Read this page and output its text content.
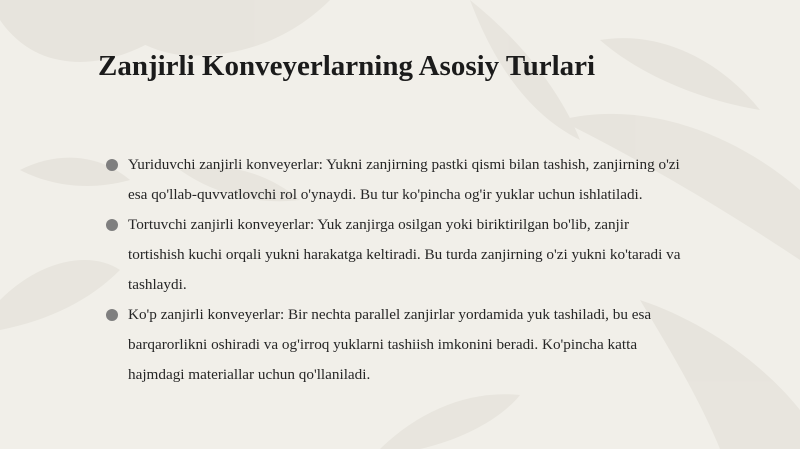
Zanjirli Konveyerlarning Asosiy Turlari
Yuriduvchi zanjirli konveyerlar: Yukni zanjirning pastki qismi bilan tashish, zanjirning o'zi esa qo'llab-quvvatlovchi rol o'ynaydi. Bu tur ko'pincha og'ir yuklar uchun ishlatiladi.
Tortuvchi zanjirli konveyerlar: Yuk zanjirga osilgan yoki biriktirilgan bo'lib, zanjir tortishish kuchi orqali yukni harakatga keltiradi. Bu turda zanjirning o'zi yukni ko'taradi va tashlaydi.
Ko'p zanjirli konveyerlar: Bir nechta parallel zanjirlar yordamida yuk tashiladi, bu esa barqarorlikni oshiradi va og'irroq yuklarni tashiish imkonini beradi. Ko'pincha katta hajmdagi materiallar uchun qo'llaniladi.
